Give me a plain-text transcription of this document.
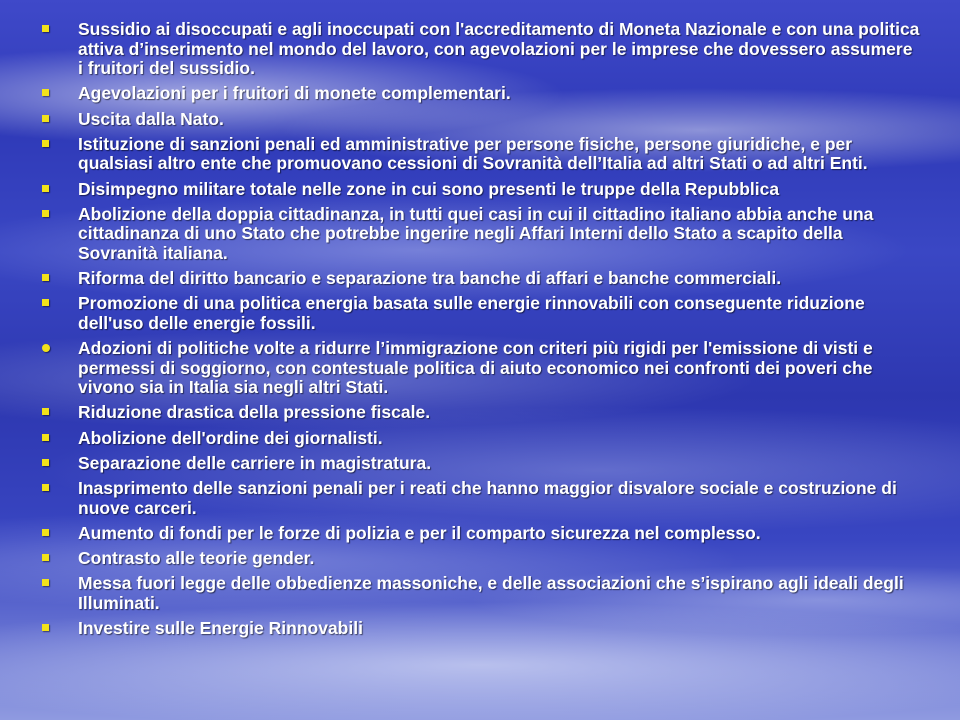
Sussidio ai disoccupati e agli inoccupati con l'accreditamento di Moneta Nazionale e con una politica attiva d’inserimento nel mondo del lavoro, con agevolazioni per le imprese che dovessero assumere i fruitori del sussidio.
Agevolazioni per i fruitori di monete complementari.
Uscita dalla Nato.
Istituzione di sanzioni penali ed amministrative per persone fisiche, persone giuridiche, e per qualsiasi altro ente che promuovano cessioni di Sovranità dell’Italia ad altri Stati o ad altri Enti.
Disimpegno militare totale nelle zone in cui sono presenti le truppe della Repubblica
Abolizione della doppia cittadinanza, in tutti quei casi in cui il cittadino italiano abbia anche una cittadinanza di uno Stato che potrebbe ingerire negli Affari Interni dello Stato a scapito della Sovranità italiana.
Riforma del diritto bancario e separazione tra banche di affari e banche commerciali.
Promozione di una politica energia basata sulle energie rinnovabili con conseguente riduzione dell'uso delle energie fossili.
Adozioni di politiche volte a ridurre l’immigrazione con criteri più rigidi per l'emissione di visti e permessi di soggiorno, con contestuale politica di aiuto economico nei confronti dei poveri che vivono sia in Italia sia negli altri Stati.
Riduzione drastica della pressione fiscale.
Abolizione dell'ordine dei giornalisti.
Separazione delle carriere in magistratura.
Inasprimento delle sanzioni penali per i reati che hanno maggior disvalore sociale e costruzione di nuove carceri.
Aumento di fondi per le forze di polizia e per il comparto sicurezza nel complesso.
Contrasto alle teorie gender.
Messa fuori legge delle obbedienze massoniche, e delle associazioni che s’ispirano agli ideali degli Illuminati.
Investire sulle Energie Rinnovabili
